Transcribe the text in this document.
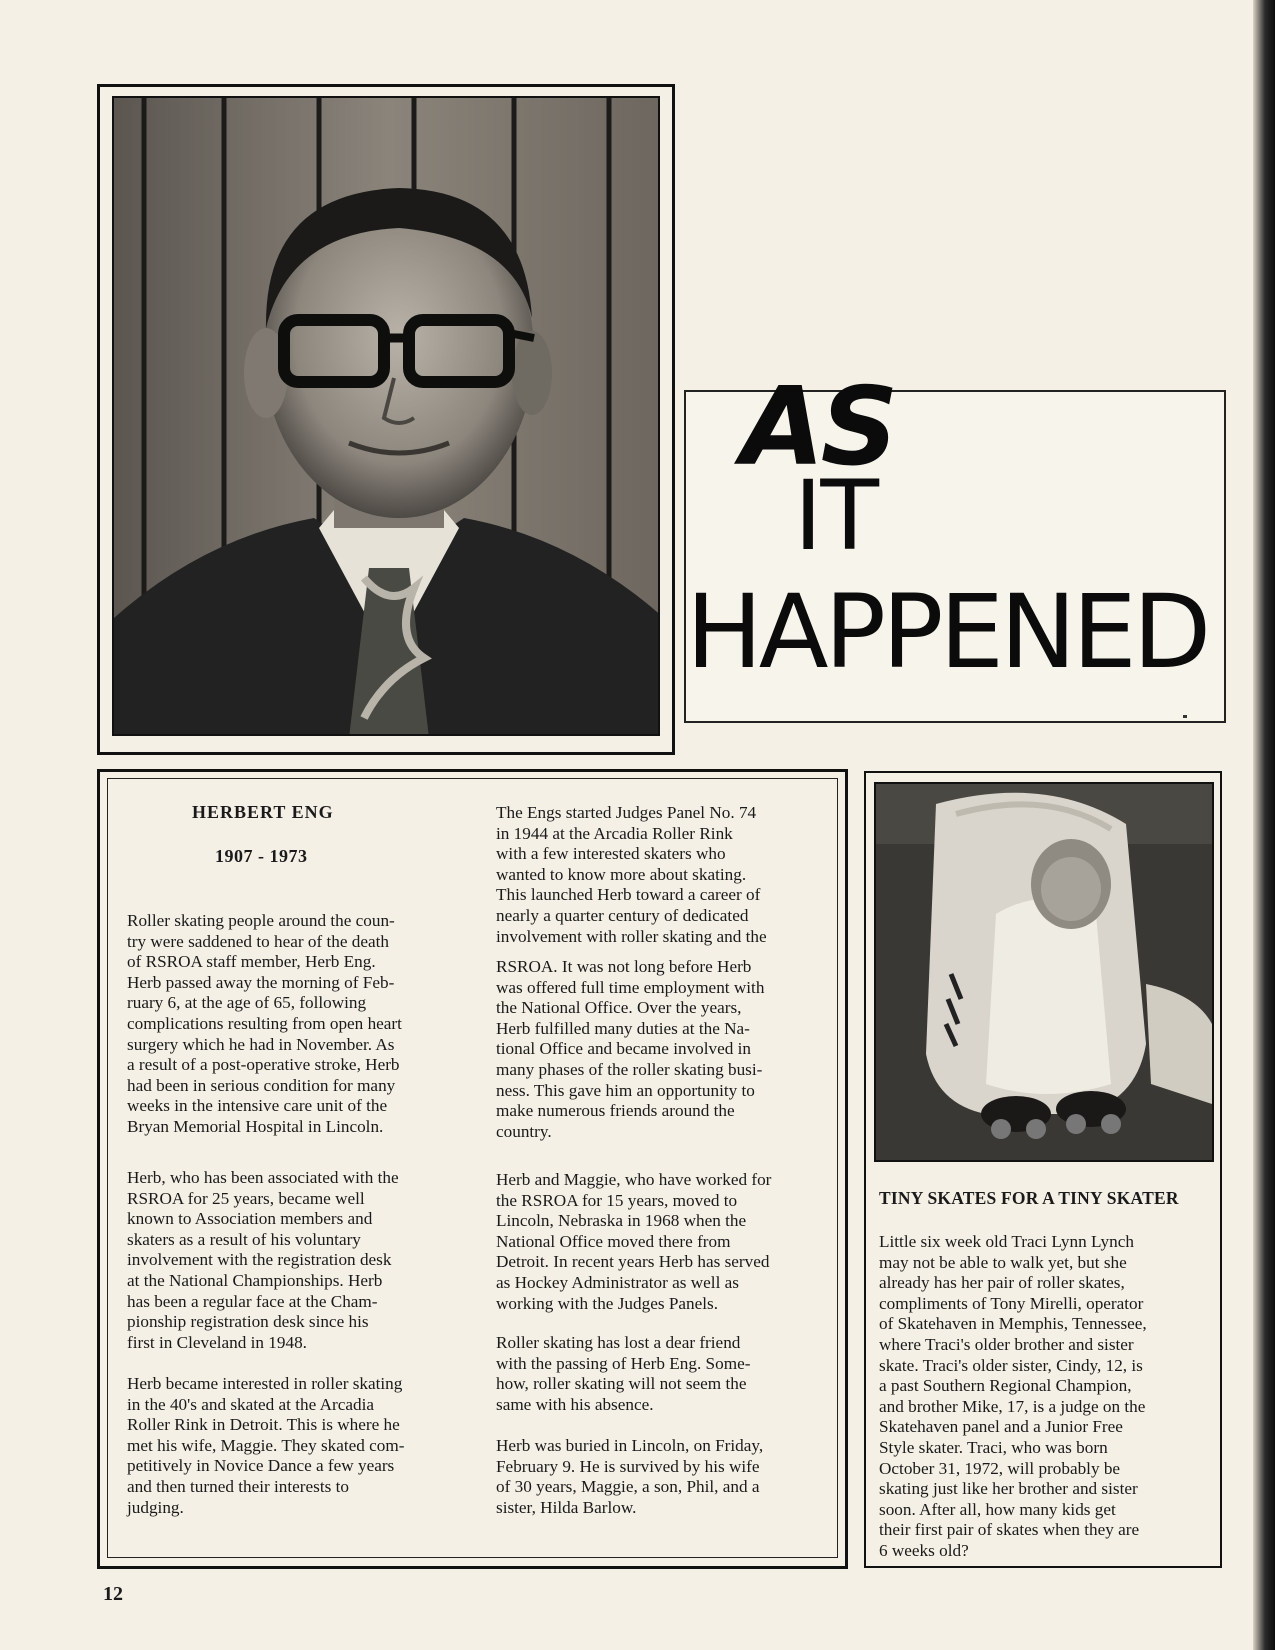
AS
IT
HAPPENED
HERBERT ENG
1907 - 1973

Roller skating people around the coun-
try were saddened to hear of the death
of RSROA staff member, Herb Eng.
Herb passed away the morning of Feb-
ruary 6, at the age of 65, following
complications resulting from open heart
surgery which he had in November. As
a result of a post-operative stroke, Herb
had been in serious condition for many
weeks in the intensive care unit of the
Bryan Memorial Hospital in Lincoln.

Herb, who has been associated with the
RSROA for 25 years, became well
known to Association members and
skaters as a result of his voluntary
involvement with the registration desk
at the National Championships. Herb
has been a regular face at the Cham-
pionship registration desk since his
first in Cleveland in 1948.

Herb became interested in roller skating
in the 40's and skated at the Arcadia
Roller Rink in Detroit. This is where he
met his wife, Maggie. They skated com-
petitively in Novice Dance a few years
and then turned their interests to
judging.

The Engs started Judges Panel No. 74
in 1944 at the Arcadia Roller Rink
with a few interested skaters who
wanted to know more about skating.
This launched Herb toward a career of
nearly a quarter century of dedicated
involvement with roller skating and the

RSROA. It was not long before Herb
was offered full time employment with
the National Office. Over the years,
Herb fulfilled many duties at the Na-
tional Office and became involved in
many phases of the roller skating busi-
ness. This gave him an opportunity to
make numerous friends around the
country.

Herb and Maggie, who have worked for
the RSROA for 15 years, moved to
Lincoln, Nebraska in 1968 when the
National Office moved there from
Detroit. In recent years Herb has served
as Hockey Administrator as well as
working with the Judges Panels.

Roller skating has lost a dear friend
with the passing of Herb Eng. Some-
how, roller skating will not seem the
same with his absence.

Herb was buried in Lincoln, on Friday,
February 9. He is survived by his wife
of 30 years, Maggie, a son, Phil, and a
sister, Hilda Barlow.

TINY SKATES FOR A TINY SKATER

Little six week old Traci Lynn Lynch
may not be able to walk yet, but she
already has her pair of roller skates,
compliments of Tony Mirelli, operator
of Skatehaven in Memphis, Tennessee,
where Traci's older brother and sister
skate. Traci's older sister, Cindy, 12, is
a past Southern Regional Champion,
and brother Mike, 17, is a judge on the
Skatehaven panel and a Junior Free
Style skater. Traci, who was born
October 31, 1972, will probably be
skating just like her brother and sister
soon. After all, how many kids get
their first pair of skates when they are
6 weeks old?

12
